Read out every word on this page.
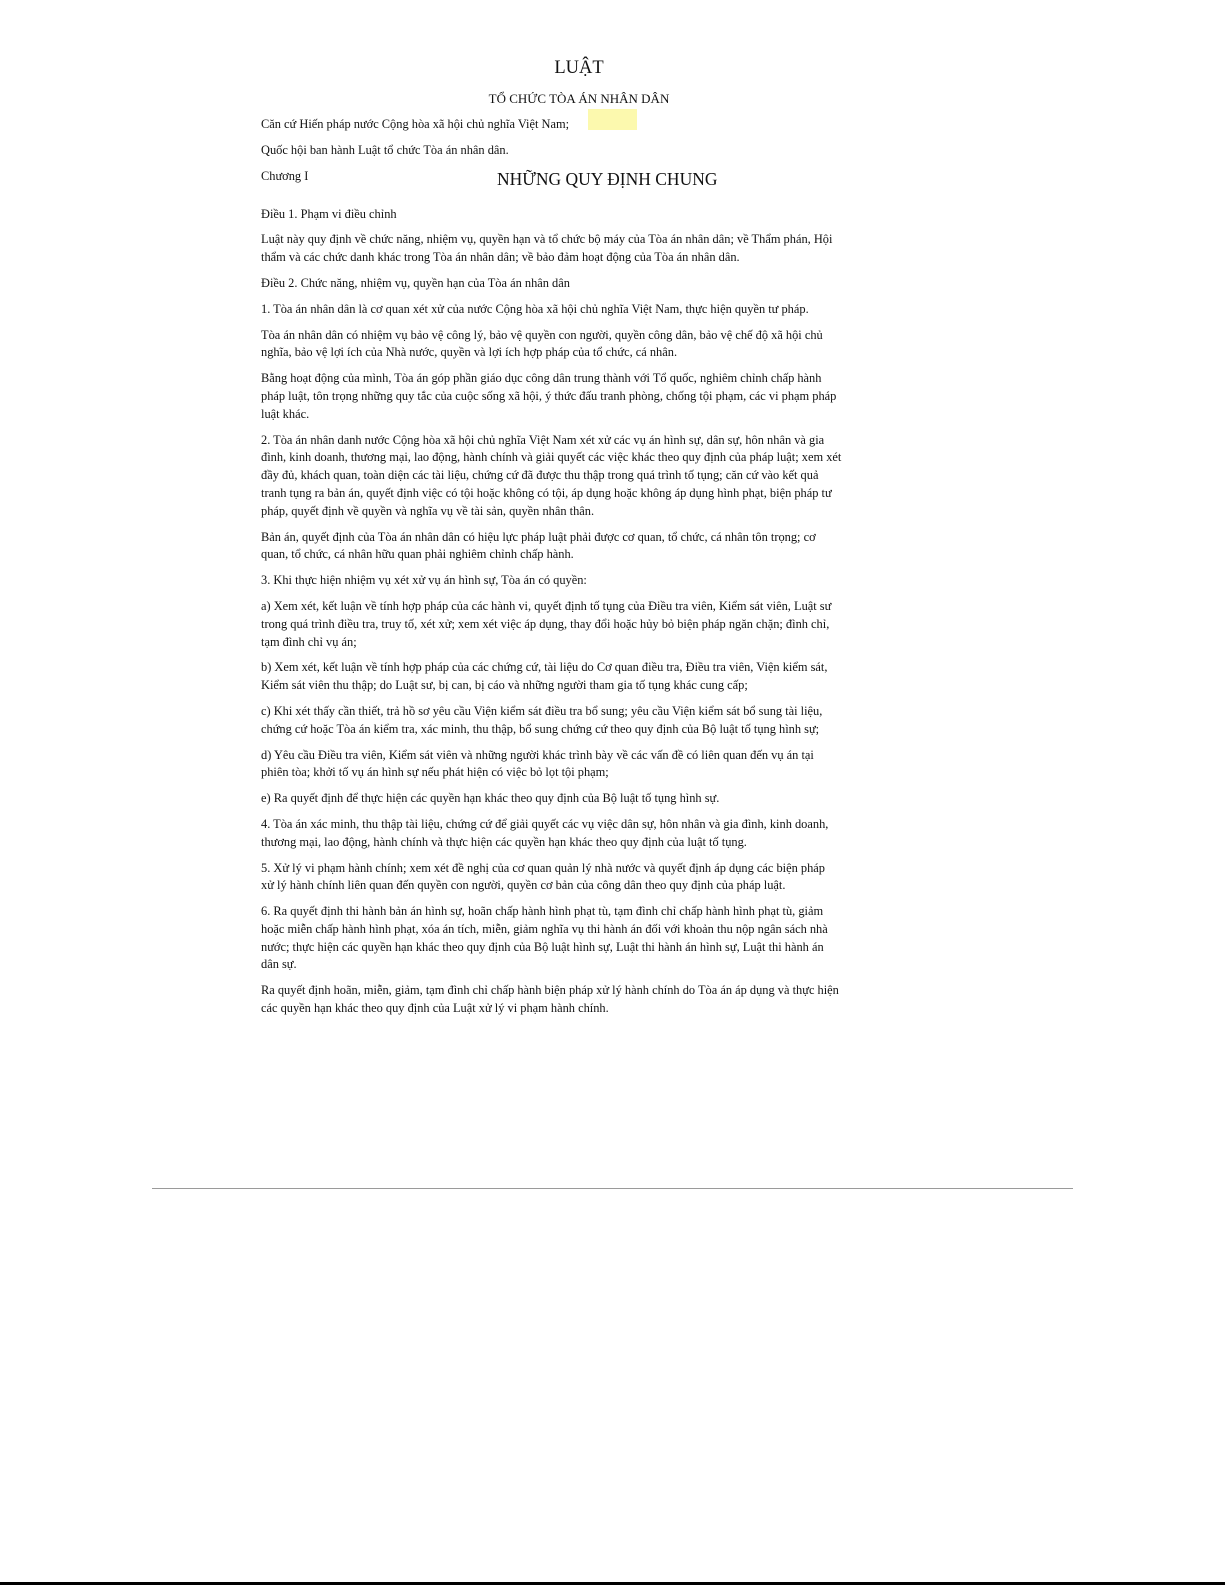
LUẬT
TỔ CHỨC TÒA ÁN NHÂN DÂN

Căn cứ Hiến pháp nước Cộng hòa xã hội chủ nghĩa Việt Nam;

Quốc hội ban hành Luật tổ chức Tòa án nhân dân.

Chương I	NHỮNG QUY ĐỊNH CHUNG

Điều 1. Phạm vi điều chỉnh

Luật này quy định về chức năng, nhiệm vụ, quyền hạn và tổ chức bộ máy của Tòa án nhân dân; về Thẩm phán, Hội
thẩm và các chức danh khác trong Tòa án nhân dân; về bảo đảm hoạt động của Tòa án nhân dân.

Điều 2. Chức năng, nhiệm vụ, quyền hạn của Tòa án nhân dân

1. Tòa án nhân dân là cơ quan xét xử của nước Cộng hòa xã hội chủ nghĩa Việt Nam, thực hiện quyền tư pháp.

Tòa án nhân dân có nhiệm vụ bảo vệ công lý, bảo vệ quyền con người, quyền công dân, bảo vệ chế độ xã hội chủ
nghĩa, bảo vệ lợi ích của Nhà nước, quyền và lợi ích hợp pháp của tổ chức, cá nhân.

Bằng hoạt động của mình, Tòa án góp phần giáo dục công dân trung thành với Tổ quốc, nghiêm chỉnh chấp hành
pháp luật, tôn trọng những quy tắc của cuộc sống xã hội, ý thức đấu tranh phòng, chống tội phạm, các vi phạm pháp
luật khác.

2. Tòa án nhân danh nước Cộng hòa xã hội chủ nghĩa Việt Nam xét xử các vụ án hình sự, dân sự, hôn nhân và gia
đình, kinh doanh, thương mại, lao động, hành chính và giải quyết các việc khác theo quy định của pháp luật; xem xét
đầy đủ, khách quan, toàn diện các tài liệu, chứng cứ đã được thu thập trong quá trình tố tụng; căn cứ vào kết quả
tranh tụng ra bản án, quyết định việc có tội hoặc không có tội, áp dụng hoặc không áp dụng hình phạt, biện pháp tư
pháp, quyết định về quyền và nghĩa vụ về tài sản, quyền nhân thân.

Bản án, quyết định của Tòa án nhân dân có hiệu lực pháp luật phải được cơ quan, tổ chức, cá nhân tôn trọng; cơ
quan, tổ chức, cá nhân hữu quan phải nghiêm chỉnh chấp hành.

3. Khi thực hiện nhiệm vụ xét xử vụ án hình sự, Tòa án có quyền:

a) Xem xét, kết luận về tính hợp pháp của các hành vi, quyết định tố tụng của Điều tra viên, Kiểm sát viên, Luật sư
trong quá trình điều tra, truy tố, xét xử; xem xét việc áp dụng, thay đổi hoặc hủy bỏ biện pháp ngăn chặn; đình chỉ,
tạm đình chỉ vụ án;

b) Xem xét, kết luận về tính hợp pháp của các chứng cứ, tài liệu do Cơ quan điều tra, Điều tra viên, Viện kiểm sát,
Kiểm sát viên thu thập; do Luật sư, bị can, bị cáo và những người tham gia tố tụng khác cung cấp;

c) Khi xét thấy cần thiết, trả hồ sơ yêu cầu Viện kiểm sát điều tra bổ sung; yêu cầu Viện kiểm sát bổ sung tài liệu,
chứng cứ hoặc Tòa án kiểm tra, xác minh, thu thập, bổ sung chứng cứ theo quy định của Bộ luật tố tụng hình sự;

d) Yêu cầu Điều tra viên, Kiểm sát viên và những người khác trình bày về các vấn đề có liên quan đến vụ án tại
phiên tòa; khởi tố vụ án hình sự nếu phát hiện có việc bỏ lọt tội phạm;

e) Ra quyết định để thực hiện các quyền hạn khác theo quy định của Bộ luật tố tụng hình sự.

4. Tòa án xác minh, thu thập tài liệu, chứng cứ để giải quyết các vụ việc dân sự, hôn nhân và gia đình, kinh doanh,
thương mại, lao động, hành chính và thực hiện các quyền hạn khác theo quy định của luật tố tụng.

5. Xử lý vi phạm hành chính; xem xét đề nghị của cơ quan quản lý nhà nước và quyết định áp dụng các biện pháp
xử lý hành chính liên quan đến quyền con người, quyền cơ bản của công dân theo quy định của pháp luật.

6. Ra quyết định thi hành bản án hình sự, hoãn chấp hành hình phạt tù, tạm đình chỉ chấp hành hình phạt tù, giảm
hoặc miễn chấp hành hình phạt, xóa án tích, miễn, giảm nghĩa vụ thi hành án đối với khoản thu nộp ngân sách nhà
nước; thực hiện các quyền hạn khác theo quy định của Bộ luật hình sự, Luật thi hành án hình sự, Luật thi hành án
dân sự.

Ra quyết định hoãn, miễn, giảm, tạm đình chỉ chấp hành biện pháp xử lý hành chính do Tòa án áp dụng và thực hiện
các quyền hạn khác theo quy định của Luật xử lý vi phạm hành chính.
